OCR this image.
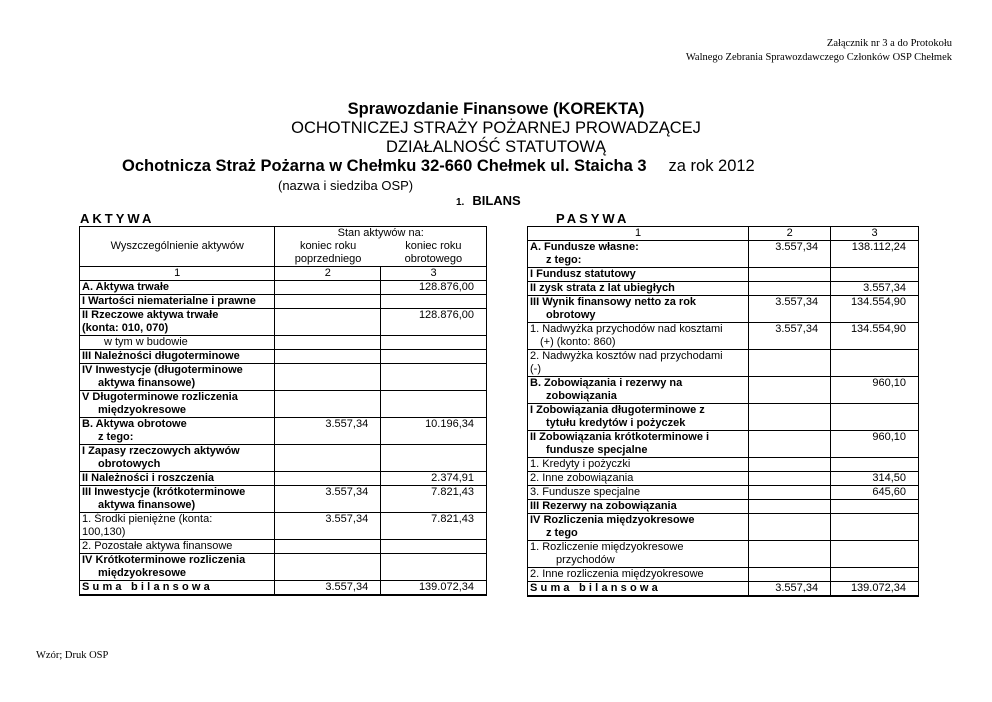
Załącznik nr 3 a do Protokołu
Walnego Zebrania Sprawozdawczego Członków OSP Chełmek
Sprawozdanie Finansowe (KOREKTA)
OCHOTNICZEJ STRAŻY POŻARNEJ PROWADZĄCEJ
DZIAŁALNOŚĆ STATUTOWĄ
Ochotnicza Straż Pożarna w Chełmku 32-660 Chełmek ul. Staicha 3 za rok 2012
(nazwa i siedziba OSP)
1. BILANS
AKTYWA	PASYWA
Wyszczególnienie aktywów	Stan aktywów na:	
	koniec roku poprzedniego	koniec roku obrotowego
1	2	3

A. Aktywa trwałe		128.876,00

I Wartości niematerialne i prawne		

II Rzeczowe aktywa trwałe
(konta: 010, 070)		128.876,00

w tym w budowie		

III Należności długoterminowe		

IV Inwestycje (długoterminowe
aktywa finansowe)		

V Długoterminowe rozliczenia
międzyokresowe		

B. Aktywa obrotowe
z tego:	3.557,34	10.196,34

I Zapasy rzeczowych aktywów
obrotowych		

II Należności i roszczenia		2.374,91

III Inwestycje (krótkoterminowe
aktywa finansowe)	3.557,34	7.821,43

1. Środki pieniężne (konta:
100,130)	3.557,34	7.821,43

2. Pozostałe aktywa finansowe		

IV Krótkoterminowe rozliczenia
międzyokresowe		

Suma bilansowa	3.557,34	139.072,34
1	2	3

A. Fundusze własne:
z tego:	3.557,34	138.112,24

I Fundusz statutowy		

II zysk strata z lat ubiegłych		3.557,34

III Wynik finansowy netto za rok
obrotowy	3.557,34	134.554,90

1. Nadwyżka przychodów nad kosztami
(+) (konto: 860)	3.557,34	134.554,90

2. Nadwyżka kosztów nad przychodami
(-)		

B. Zobowiązania i rezerwy na
zobowiązania		960,10

I Zobowiązania długoterminowe z
tytułu kredytów i pożyczek		

II Zobowiązania krótkoterminowe i
fundusze specjalne		960,10

1. Kredyty i pożyczki		

2. Inne zobowiązania		314,50

3. Fundusze specjalne		645,60

III Rezerwy na zobowiązania		

IV Rozliczenia międzyokresowe
z tego		

1. Rozliczenie międzyokresowe
przychodów		

2. Inne rozliczenia międzyokresowe		

Suma bilansowa	3.557,34	139.072,34
Wzór; Druk OSP
